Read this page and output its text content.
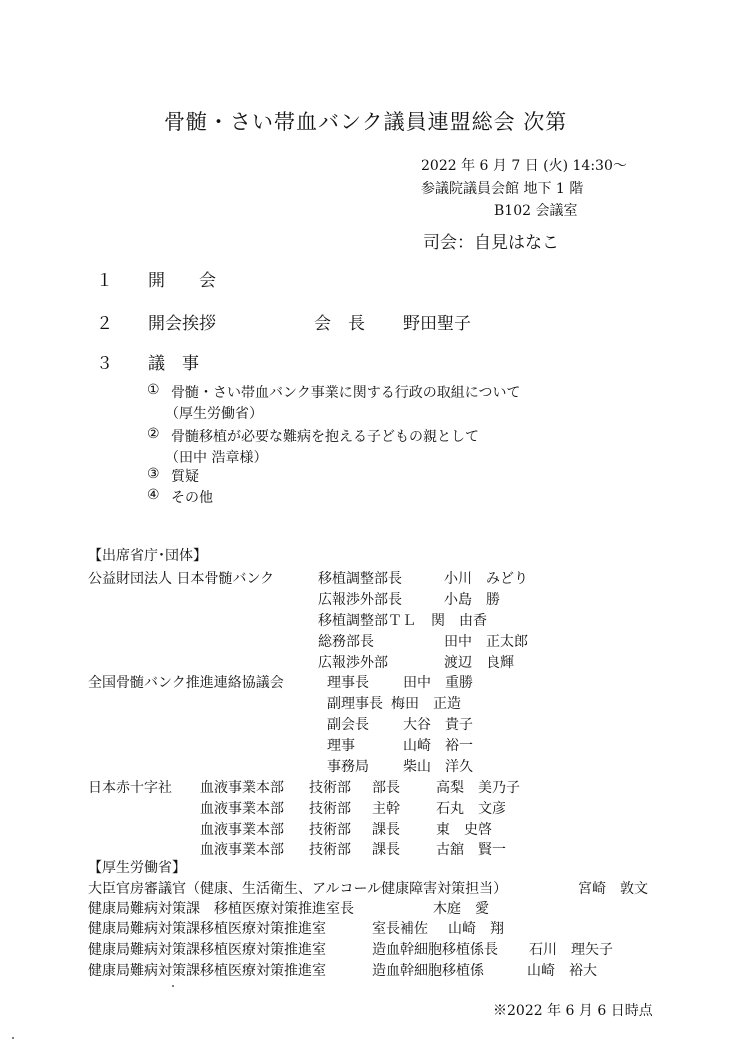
骨髄・さい帯血バンク議員連盟総会 次第
2022 年 6 月 7 日 (火) 14:30～
参議院議員会館 地下 1 階
B102 会議室
司会：自見はなこ
１ 開　　会
２ 開会挨拶	会　長 野田聖子
３ 議　事
① 骨髄・さい帯血バンク事業に関する行政の取組について
（厚生労働省）
② 骨髄移植が必要な難病を抱える子どもの親として
（田中 浩章様）
③ 質疑
④ その他
【出席省庁･団体】
公益財団法人 日本骨髄バンク	移植調整部長	小川　みどり
広報渉外部長	小島　勝
移植調整部ＴＬ 関　由香
総務部長	田中　正太郎
広報渉外部	渡辺　良輝
全国骨髄バンク推進連絡協議会	理事長 田中　重勝
副理事長 梅田　正造
副会長 大谷　貴子
理事	山崎　裕一
事務局 柴山　洋久
日本赤十字社 血液事業本部 技術部 部長	高梨　美乃子
血液事業本部 技術部 主幹	石丸　文彦
血液事業本部 技術部 課長	東　史啓
血液事業本部 技術部 課長	古舘　賢一
【厚生労働省】
大臣官房審議官（健康、生活衛生、アルコール健康障害対策担当）	宮崎　敦文
健康局難病対策課　移植医療対策推進室長	木庭　愛
健康局難病対策課移植医療対策推進室	室長補佐 山崎　翔
健康局難病対策課移植医療対策推進室	造血幹細胞移植係長 石川　理矢子
健康局難病対策課移植医療対策推進室	造血幹細胞移植係	山崎　裕大
※2022 年 6 月 6 日時点
